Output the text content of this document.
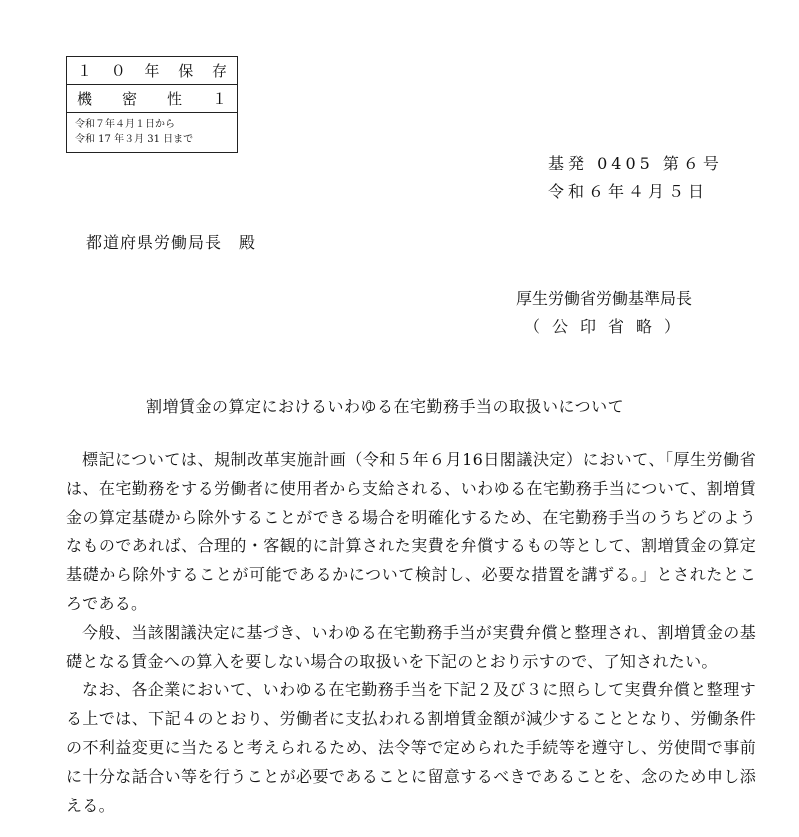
１ ０ 年 保 存
機 密 性 １
令和７年４月１日から
令和 17 年３月 31 日まで
基発 0405 第６号
令和６年４月５日
都道府県労働局長　殿
厚生労働省労働基準局長
（公印省略）
割増賃金の算定におけるいわゆる在宅勤務手当の取扱いについて

標記については、規制改革実施計画（令和５年６月16日閣議決定）において、「厚生労働省は、在宅勤務をする労働者に使用者から支給される、いわゆる在宅勤務手当について、割増賃金の算定基礎から除外することができる場合を明確化するため、在宅勤務手当のうちどのようなものであれば、合理的・客観的に計算された実費を弁償するもの等として、割増賃金の算定基礎から除外することが可能であるかについて検討し、必要な措置を講ずる。」とされたところである。

今般、当該閣議決定に基づき、いわゆる在宅勤務手当が実費弁償と整理され、割増賃金の基礎となる賃金への算入を要しない場合の取扱いを下記のとおり示すので、了知されたい。

なお、各企業において、いわゆる在宅勤務手当を下記２及び３に照らして実費弁償と整理する上では、下記４のとおり、労働者に支払われる割増賃金額が減少することとなり、労働条件の不利益変更に当たると考えられるため、法令等で定められた手続等を遵守し、労使間で事前に十分な話合い等を行うことが必要であることに留意するべきであることを、念のため申し添える。
